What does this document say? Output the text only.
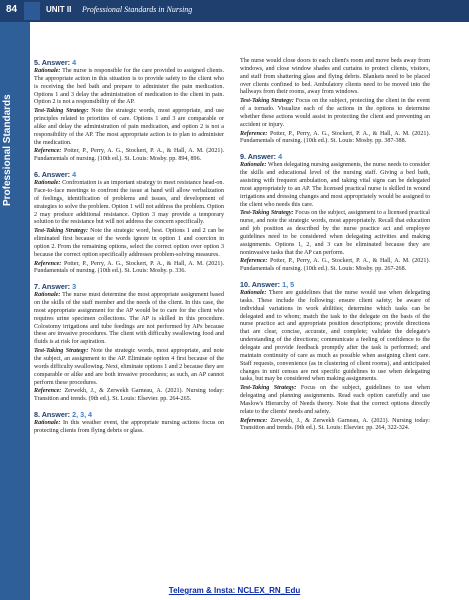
84	UNIT II Professional Standards in Nursing
Professional Standards
5. Answer: 4

Rationale: The nurse is responsible for the care provided to assigned clients. The appropriate action in this situation is to provide safety to the client who is receiving the bed bath and prepare to administer the pain medication. Options 1 and 3 delay the administration of medication to the client in pain. Option 2 is not a responsibility of the AP.

Test-Taking Strategy: Note the strategic words, most appropriate, and use principles related to priorities of care. Options 1 and 3 are comparable or alike and delay the administration of pain medication, and option 2 is not a responsibility of the AP. The most appropriate action is to plan to administer the medication.

Reference: Potter, P., Perry, A. G., Stockert, P. A., & Hall, A. M. (2021). Fundamentals of nursing. (10th ed.). St. Louis: Mosby. pp. 894, 896.

6. Answer: 4

Rationale: Confrontation is an important strategy to meet resistance head-on. Face-to-face meetings to confront the issue at hand will allow verbalization of feelings, identification of problems and issues, and development of strategies to solve the problem. Option 1 will not address the problem. Option 2 may produce additional resistance. Option 3 may provide a temporary solution to the resistance but will not address the concern specifically.

Test-Taking Strategy: Note the strategic word, best. Options 1 and 2 can be eliminated first because of the words ignore in option 1 and coercion in option 2. From the remaining options, select the correct option over option 3 because the correct option specifically addresses problem-solving measures.

Reference: Potter, P., Perry, A. G., Stockert, P. A., & Hall, A. M. (2021). Fundamentals of nursing. (10th ed.). St. Louis: Mosby. p. 336.

7. Answer: 3

Rationale: The nurse must determine the most appropriate assignment based on the skills of the staff member and the needs of the client. In this case, the most appropriate assignment for the AP would be to care for the client who requires urine specimen collections. The AP is skilled in this procedure. Colostomy irrigations and tube feedings are not performed by APs because these are invasive procedures. The client with difficulty swallowing food and fluids is at risk for aspiration.

Test-Taking Strategy: Note the strategic words, most appropriate, and note the subject, an assignment to the AP. Eliminate option 4 first because of the words difficulty swallowing. Next, eliminate options 1 and 2 because they are comparable or alike and are both invasive procedures; as such, an AP cannot perform these procedures.

Reference: Zerwekh, J., & Zerwekh Garneau, A. (2021). Nursing today: Transition and trends. (9th ed.). St. Louis: Elsevier. pp. 264-265.

8. Answer: 2, 3, 4

Rationale: In this weather event, the appropriate nursing actions focus on protecting clients from flying debris or glass.

The nurse would close doors to each client's room and move beds away from windows, and close window shades and curtains to protect clients, visitors, and staff from shattering glass and flying debris. Blankets need to be placed over clients confined to bed. Ambulatory clients need to be moved into the hallways from their rooms, away from windows.

Test-Taking Strategy: Focus on the subject, protecting the client in the event of a tornado. Visualize each of the actions in the options to determine whether these actions would assist in protecting the client and preventing an accident or injury.

Reference: Potter, P., Perry, A. G., Stockert, P. A., & Hall, A. M. (2021). Fundamentals of nursing. (10th ed.). St. Louis: Mosby. pp. 387-388.

9. Answer: 4

Rationale: When delegating nursing assignments, the nurse needs to consider the skills and educational level of the nursing staff. Giving a bed bath, assisting with frequent ambulation, and taking vital signs can be delegated most appropriately to an AP. The licensed practical nurse is skilled in wound irrigations and dressing changes and most appropriately would be assigned to the client who needs this care.

Test-Taking Strategy: Focus on the subject, assignment to a licensed practical nurse, and note the strategic words, most appropriately. Recall that education and job position as described by the nurse practice act and employee guidelines need to be considered when delegating activities and making assignments. Options 1, 2, and 3 can be eliminated because they are noninvasive tasks that the AP can perform.

Reference: Potter, P., Perry, A. G., Stockert, P. A., & Hall, A. M. (2021). Fundamentals of nursing. (10th ed.). St. Louis: Mosby. pp. 267-268.

10. Answer: 1, 5

Rationale: There are guidelines that the nurse would use when delegating tasks. These include the following: ensure client safety; be aware of individual variations in work abilities; determine which tasks can be delegated and to whom; match the task to the delegate on the basis of the nurse practice act and appropriate position descriptions; provide directions that are clear, concise, accurate, and complete; validate the delegate's understanding of the directions; communicate a feeling of confidence to the delegate and provide feedback promptly after the task is performed; and maintain continuity of care as much as possible when assigning client care. Staff requests, convenience (as in clustering of client rooms), and anticipated changes in unit census are not specific guidelines to use when delegating tasks, but may be considered when making assignments.

Test-Taking Strategy: Focus on the subject, guidelines to use when delegating and planning assignments. Read each option carefully and use Maslow's Hierarchy of Needs theory. Note that the correct options directly relate to the clients' needs and safety.

Reference: Zerwekh, J., & Zerwekh Garneau, A. (2021). Nursing today: Transition and trends. (9th ed.). St. Louis: Elsevier. pp. 264, 322-324.

Telegram & Insta: NCLEX_RN_Edu
